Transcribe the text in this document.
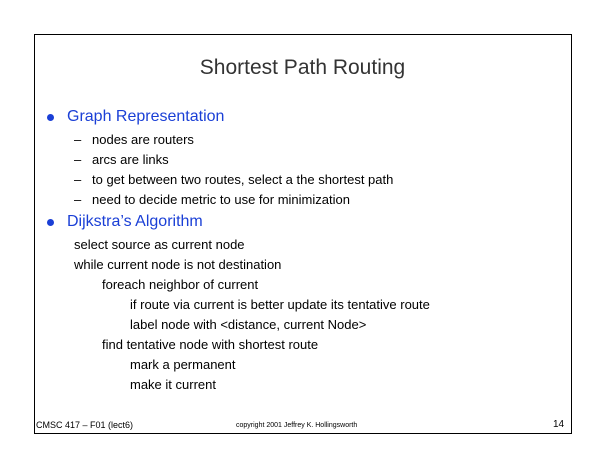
Shortest Path Routing
Graph Representation
– nodes are routers
– arcs are links
– to get between two routes, select a the shortest path
– need to decide metric to use for minimization
Dijkstra’s Algorithm
select source as current node
while current node is not destination
foreach neighbor of current
if route via current is better update its tentative route
label node with <distance, current Node>
find tentative node with shortest route
mark a permanent
make it current
CMSC 417 – F01 (lect6)	copyright 2001 Jeffrey K. Hollingsworth	14
